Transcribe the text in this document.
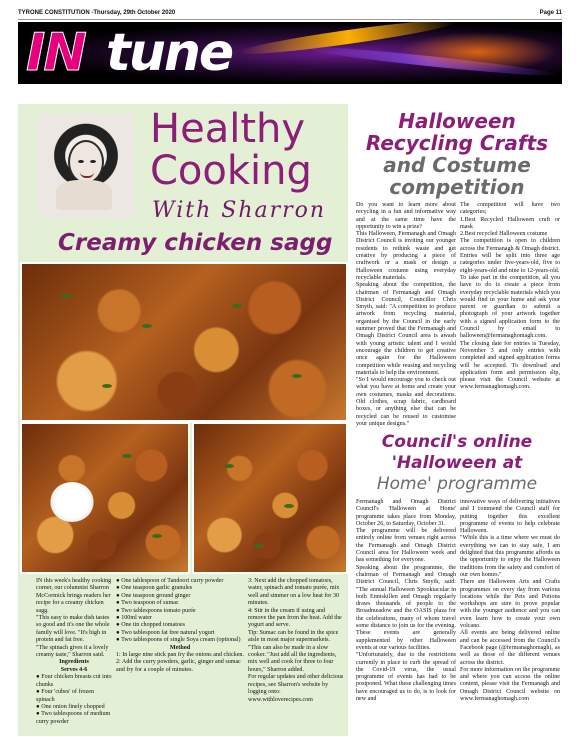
TYRONE CONSTITUTION -Thursday, 29th October 2020	Page 11
IN tune
Healthy
Cooking
With Sharron
Creamy chicken sagg

IN this week's healthy cooking corner, our columnist Sharron McCormick brings readers her recipe for a creamy chicken sagg.

"This easy to make dish tastes so good and it's one the whole family will love. "It's high in protein and fat free.

"The spinach gives it a lovely creamy taste," Sharron said.

Ingredients

Serves 4-6

● Four chicken breasts cut into chunks

● Four 'cubes' of frozen spinach

● One onion finely chopped

● Two tablespoons of medium curry powder

● One tablespoon of Tandoori curry powder

● One teaspoon garlic granules

● One teaspoon ground ginger

● Two teaspoon of sumac

● Two tablespoons tomato purée

● 100ml water

● One tin chopped tomatoes

● Two tablespoon fat free natural yogurt

● Two tablespoons of single Soya cream (optional)

Method

1: In large nine stick pan fry the onions and chicken.

2: Add the curry powders, garlic, ginger and sumac and fry for a couple of minutes.

3: Next add the chopped tomatoes, water, spinach and tomato purée, mix well and simmer on a low heat for 30 minutes.

4: Stir in the cream if using and remove the pan from the heat. Add the yogurt and serve.

Tip: Sumac can be found in the spice aisle in most major supermarkets.

"This can also be made in a slow cooker. "Just add all the ingredients, mix well and cook for three to four hours," Sharron added.

For regular updates and other delicious recipes, see Sharron's website by logging onto:

www.withloverecipes.com

Halloween
Recycling Crafts
and Costume
competition

Do you want to learn more about recycling in a fun and informative way and at the same time have the opportunity to win a prize?

This Halloween, Fermanagh and Omagh District Council is inviting our younger residents to rethink waste and get creative by producing a piece of craftwork or a mask or design a Halloween costume using everyday recyclable materials.

Speaking about the competition, the chairman of Fermanagh and Omagh District Council, Councillor Chris Smyth, said: "A competition to produce artwork from recycling material, organised by the Council in the early summer proved that the Fermanagh and Omagh District Council area is awash with young artistic talent and I would encourage the children to get creative once again for the Halloween competition while reusing and recycling materials to help the environment.

"So I would encourage you to check out what you have at home and create your own costumes, masks and decorations. Old clothes, scrap fabric, cardboard boxes, or anything else that can be recycled can be reused to customise your unique designs."

The competition will have two categories;

1.Best Recycled Halloween craft or mask

2.Best recycled Halloween costume

The competition is open to children across the Fermanagh & Omagh district. Entries will be split into three age categories under five-years-old, five to eight-years-old and nine to 12-years-old.

To take part in the competition, all you have to do is create a piece from everyday recyclable materials which you would find in your home and ask your parent or guardian to submit a photograph of your artwork together with a signed application form to the Council by email to halloween@fermanaghomagh.com.

The closing date for entries is Tuesday, November 3 and only entries with completed and signed application forms will be accepted. To download and application form and permission slip, please visit the Council website at www.fermanaghomagh.com.

Council's online
'Halloween at
Home' programme

Fermanagh and Omagh District Council's 'Halloween at Home' programme takes place from Monday, October 26, to Saturday, October 31.

The programme will be delivered entirely online from venues right across the Fermanagh and Omagh District Council area for Halloween week and has something for everyone.

Speaking about the programme, the chairman of Fermanagh and Omagh District Council, Chris Smyth, said: "The annual Halloween Spooktacular in both Enniskillen and Omagh regularly draws thousands of people to the Broadmeadow and the OASIS plaza for the celebrations, many of whom travel some distance to join us for the evening. These events are generally supplemented by other Halloween events at our various facilities.

"Unfortunately, due to the restrictions currently in place to curb the spread of the Covid-19 virus, the usual programme of events has had to be postponed. What these challenging times have encouraged us to do, is to look for new and

innovative ways of delivering initiatives and I commend the Council staff for putting together this excellent programme of events to help celebrate Halloween.

"While this is a time where we must do everything we can to stay safe, I am delighted that this programme affords us the opportunity to enjoy the Halloween traditions from the safety and comfort of our own homes."

There are Halloween Arts and Crafts programmes on every day from various locations while the Pets and Potions workshops are sure to prove popular with the younger audience and you can even learn how to create your own volcano.

All events are being delivered online and can be accessed from the Council's Facebook page (@fermanaghomagh), as well as those of the different venues across the district.

For more information on the programme and where you can access the online content, please visit the Fermanagh and Omagh District Council website on www.fermanaghomagh.com
